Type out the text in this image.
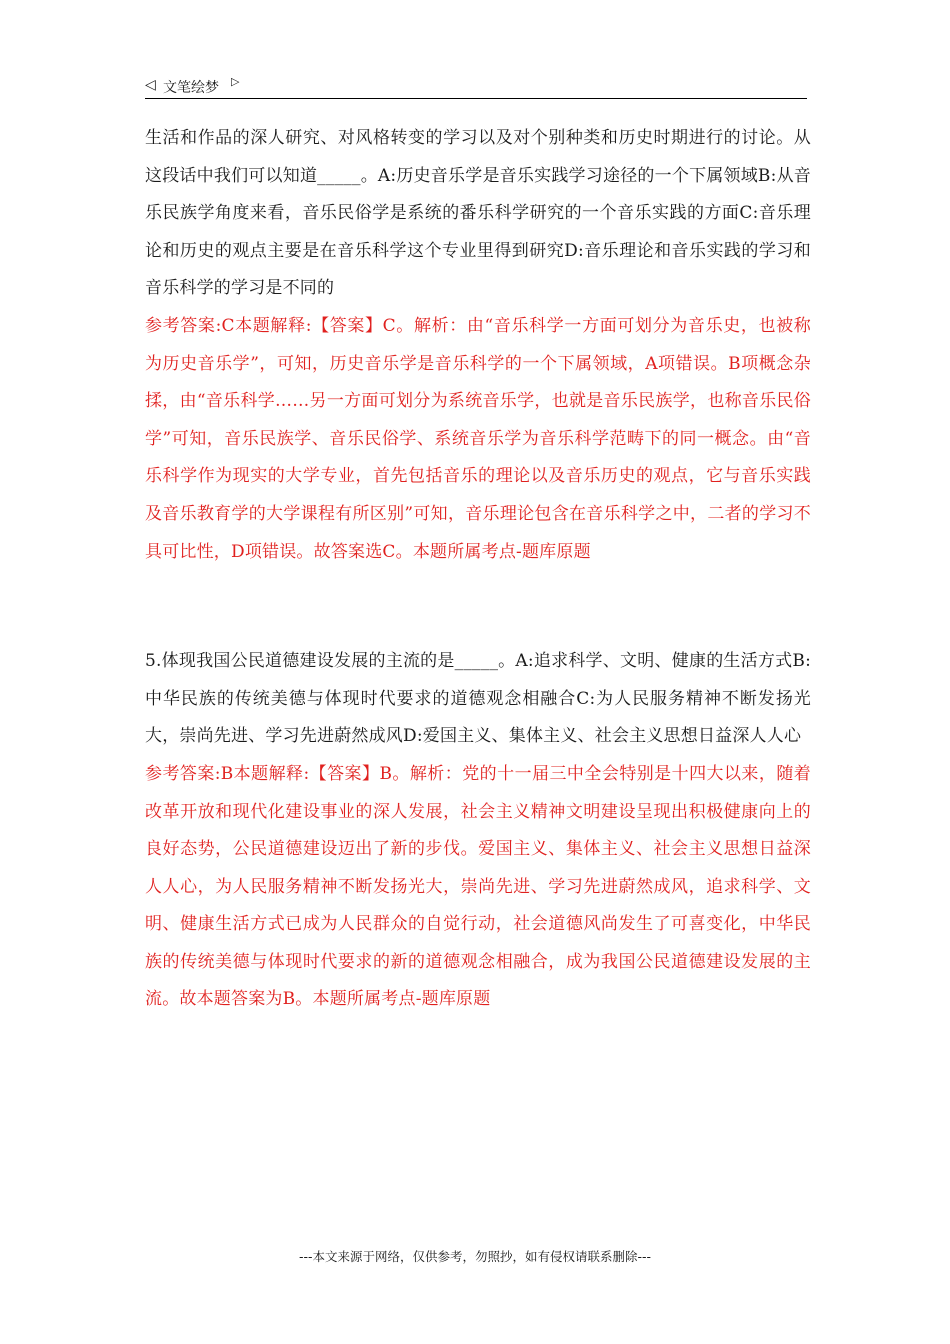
◁ 文笔绘梦 ▷

生活和作品的深人研究、对风格转变的学习以及对个别种类和历史时期进行的讨论。从这段话中我们可以知道_____。A:历史音乐学是音乐实践学习途径的一个下属领域B:从音乐民族学角度来看，音乐民俗学是系统的番乐科学研究的一个音乐实践的方面C:音乐理论和历史的观点主要是在音乐科学这个专业里得到研究D:音乐理论和音乐实践的学习和音乐科学的学习是不同的

参考答案:C本题解释:【答案】C。解析：由“音乐科学一方面可划分为音乐史，也被称为历史音乐学”，可知，历史音乐学是音乐科学的一个下属领域，A项错误。B项概念杂揉，由“音乐科学……另一方面可划分为系统音乐学，也就是音乐民族学，也称音乐民俗学”可知，音乐民族学、音乐民俗学、系统音乐学为音乐科学范畴下的同一概念。由“音乐科学作为现实的大学专业，首先包括音乐的理论以及音乐历史的观点，它与音乐实践及音乐教育学的大学课程有所区别”可知，音乐理论包含在音乐科学之中，二者的学习不具可比性，D项错误。故答案选C。本题所属考点-题库原题

5.体现我国公民道德建设发展的主流的是_____。A:追求科学、文明、健康的生活方式B:中华民族的传统美德与体现时代要求的道德观念相融合C:为人民服务精神不断发扬光大，崇尚先进、学习先进蔚然成风D:爱国主义、集体主义、社会主义思想日益深人人心

参考答案:B本题解释:【答案】B。解析：党的十一届三中全会特别是十四大以来，随着改革开放和现代化建设事业的深人发展，社会主义精神文明建设呈现出积极健康向上的良好态势，公民道德建设迈出了新的步伐。爱国主义、集体主义、社会主义思想日益深人人心，为人民服务精神不断发扬光大，崇尚先进、学习先进蔚然成风，追求科学、文明、健康生活方式已成为人民群众的自觉行动，社会道德风尚发生了可喜变化，中华民族的传统美德与体现时代要求的新的道德观念相融合，成为我国公民道德建设发展的主流。故本题答案为B。本题所属考点-题库原题

---本文来源于网络，仅供参考，勿照抄，如有侵权请联系删除---
